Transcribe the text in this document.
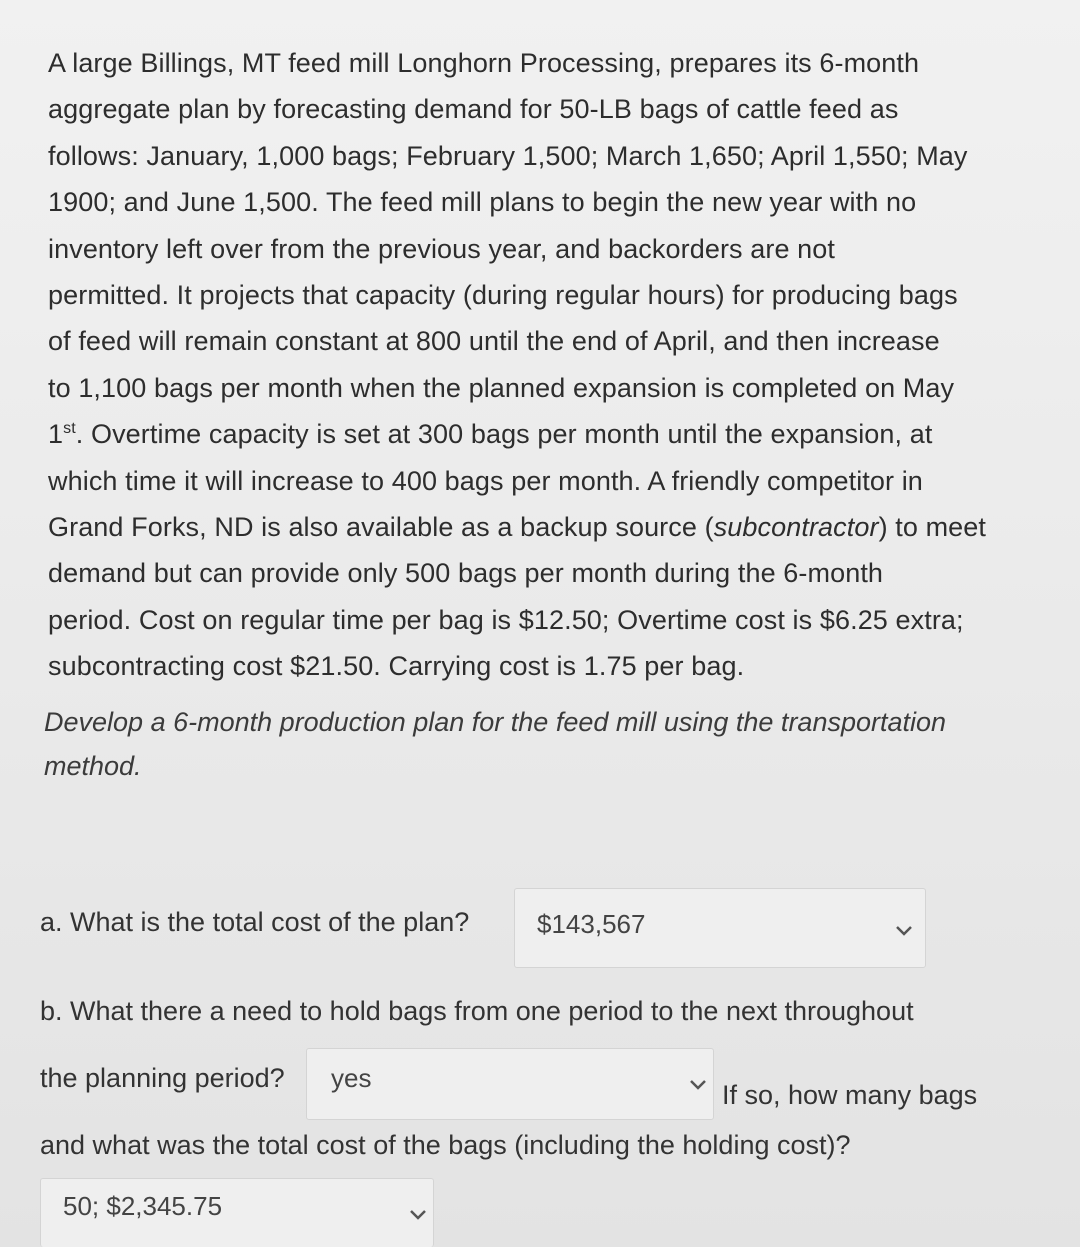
A large Billings, MT feed mill Longhorn Processing, prepares its 6-month

aggregate plan by forecasting demand for 50-LB bags of cattle feed as

follows: January, 1,000 bags; February 1,500; March 1,650; April 1,550; May

1900; and June 1,500. The feed mill plans to begin the new year with no

inventory left over from the previous year, and backorders are not

permitted. It projects that capacity (during regular hours) for producing bags

of feed will remain constant at 800 until the end of April, and then increase

to 1,100 bags per month when the planned expansion is completed on May

1st. Overtime capacity is set at 300 bags per month until the expansion, at

which time it will increase to 400 bags per month. A friendly competitor in

Grand Forks, ND is also available as a backup source (subcontractor) to meet

demand but can provide only 500 bags per month during the 6-month

period. Cost on regular time per bag is $12.50; Overtime cost is $6.25 extra;

subcontracting cost $21.50. Carrying cost is 1.75 per bag.

Develop a 6-month production plan for the feed mill using the transportation
method.
a. What is the total cost of the plan?	$143,567
b. What there a need to hold bags from one period to the next throughout
the planning period? yes
If so, how many bags
and what was the total cost of the bags (including the holding cost)?
50; $2,345.75
